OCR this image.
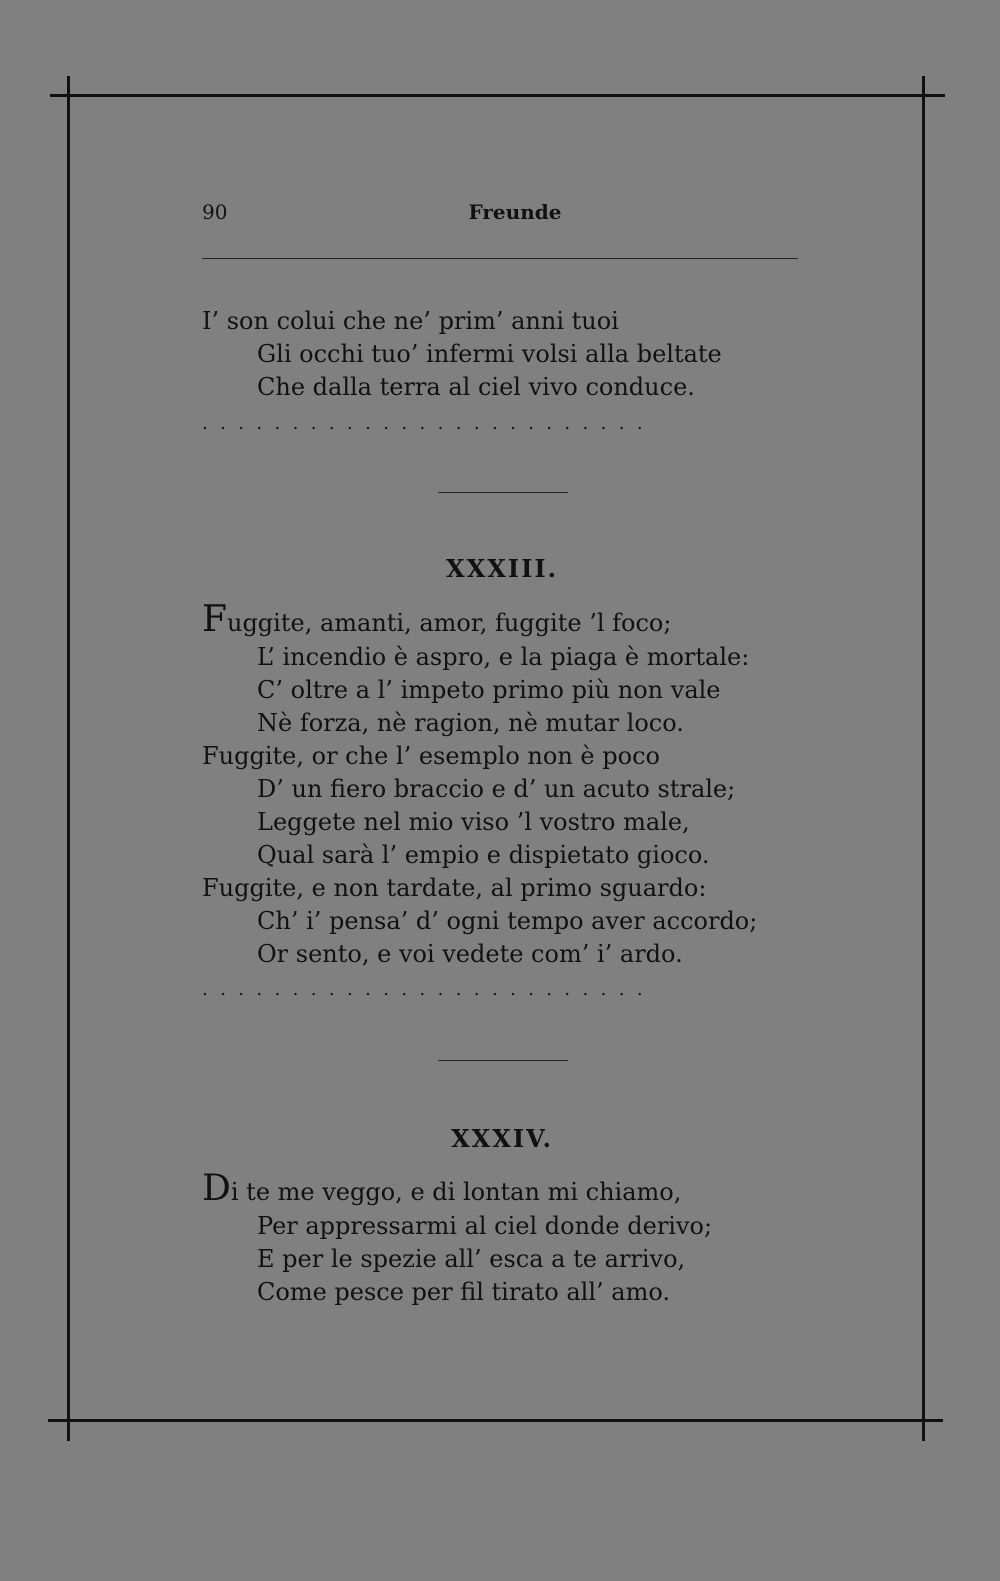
90	Freunde
I’ son colui che ne’ prim’ anni tuoi
Gli occhi tuo’ infermi volsi alla beltate
Che dalla terra al ciel vivo conduce.
.........................
XXXIII.
Fuggite, amanti, amor, fuggite ’l foco;
L’ incendio è aspro, e la piaga è mortale:
C’ oltre a l’ impeto primo più non vale
Nè forza, nè ragion, nè mutar loco.
Fuggite, or che l’ esemplo non è poco
D’ un fiero braccio e d’ un acuto strale;
Leggete nel mio viso ’l vostro male,
Qual sarà l’ empio e dispietato gioco.
Fuggite, e non tardate, al primo sguardo:
Ch’ i’ pensa’ d’ ogni tempo aver accordo;
Or sento, e voi vedete com’ i’ ardo.
.........................
XXXIV.
Di te me veggo, e di lontan mi chiamo,
Per appressarmi al ciel donde derivo;
E per le spezie all’ esca a te arrivo,
Come pesce per fil tirato all’ amo.
